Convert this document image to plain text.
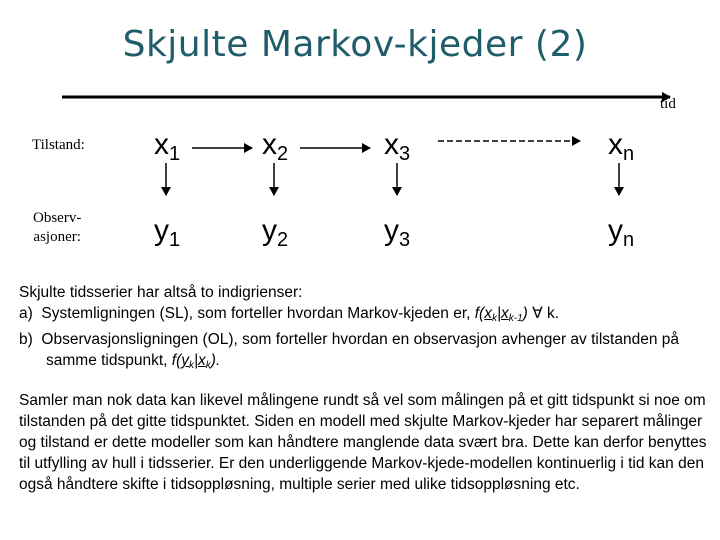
Skjulte Markov-kjeder (2)
tid
Tilstand:
Observ-
asjoner:
$x_1$	$x_2$	$x_3$	$x_n$
$y_1$	$y_2$	$y_3$	$y_n$

Skjulte tidsserier har altså to indigrienser:

a) Systemligningen (SL), som forteller hvordan Markov-kjeden er, $f(x_k|x_{k-1})$ ∀ k.
b) Observasjonsligningen (OL), som forteller hvordan en observasjon avhenger av tilstanden på samme tidspunkt, $f(y_k|x_k)$.

Samler man nok data kan likevel målingene rundt så vel som målingen på et gitt tidspunkt si noe om tilstanden på det gitte tidspunktet. Siden en modell med skjulte Markov-kjeder har separert målinger og tilstand er dette modeller som kan håndtere manglende data svært bra. Dette kan derfor benyttes til utfylling av hull i tidsserier. Er den underliggende Markov-kjede-modellen kontinuerlig i tid kan den også håndtere skifte i tidsoppløsning, multiple serier med ulike tidsoppløsning etc.
